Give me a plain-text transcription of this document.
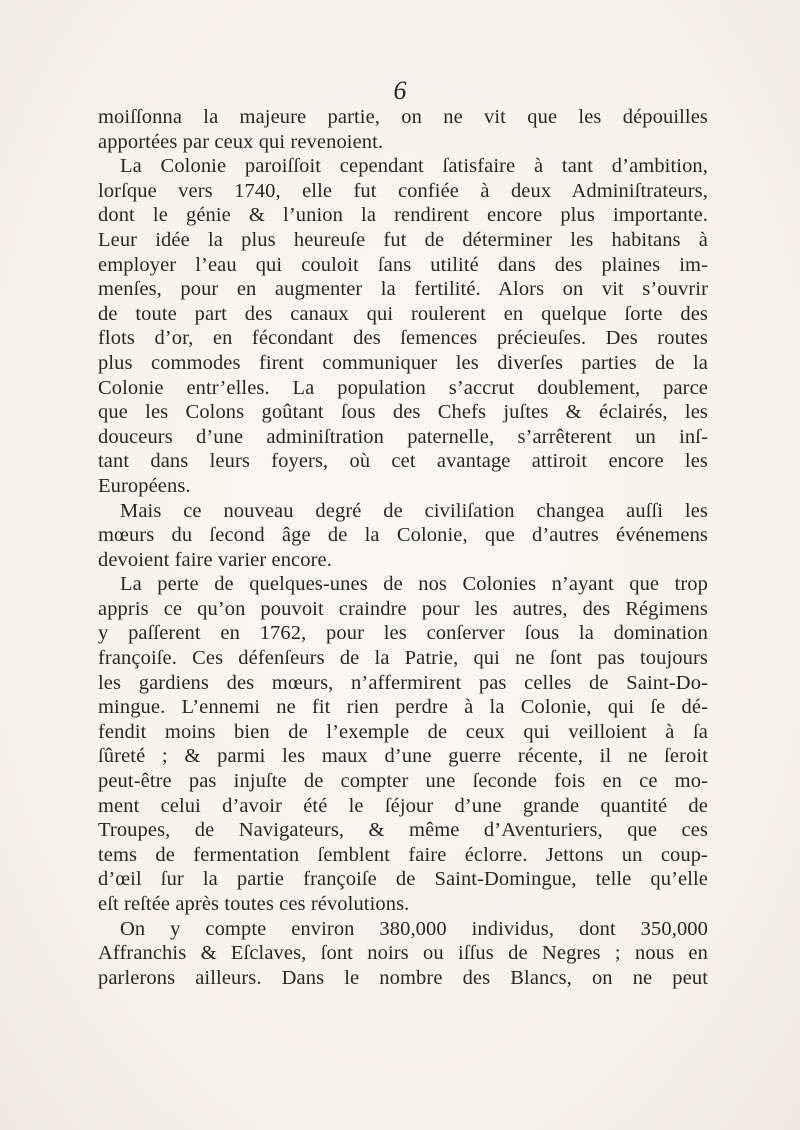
6
moiſſonna la majeure partie, on ne vit que les dépouilles
apportées par ceux qui revenoient.
La Colonie paroiſſoit cependant ſatisfaire à tant d’ambition,
lorſque vers 1740, elle fut confiée à deux Adminiſtrateurs,
dont le génie & l’union la rendirent encore plus importante.
Leur idée la plus heureuſe fut de déterminer les habitans à
employer l’eau qui couloit ſans utilité dans des plaines im-
menſes, pour en augmenter la fertilité. Alors on vit s’ouvrir
de toute part des canaux qui roulerent en quelque ſorte des
flots d’or, en fécondant des ſemences précieuſes. Des routes
plus commodes firent communiquer les diverſes parties de la
Colonie entr’elles. La population s’accrut doublement, parce
que les Colons goûtant ſous des Chefs juſtes & éclairés, les
douceurs d’une adminiſtration paternelle, s’arrêterent un inſ-
tant dans leurs foyers, où cet avantage attiroit encore les
Européens.
Mais ce nouveau degré de civiliſation changea auſſi les
mœurs du ſecond âge de la Colonie, que d’autres événemens
devoient faire varier encore.
La perte de quelques-unes de nos Colonies n’ayant que trop
appris ce qu’on pouvoit craindre pour les autres, des Régimens
y paſſerent en 1762, pour les conſerver ſous la domination
françoiſe. Ces défenſeurs de la Patrie, qui ne ſont pas toujours
les gardiens des mœurs, n’affermirent pas celles de Saint-Do-
mingue. L’ennemi ne fit rien perdre à la Colonie, qui ſe dé-
fendit moins bien de l’exemple de ceux qui veilloient à ſa
ſûreté ; & parmi les maux d’une guerre récente, il ne ſeroit
peut-être pas injuſte de compter une ſeconde fois en ce mo-
ment celui d’avoir été le ſéjour d’une grande quantité de
Troupes, de Navigateurs, & même d’Aventuriers, que ces
tems de fermentation ſemblent faire éclorre. Jettons un coup-
d’œil ſur la partie françoiſe de Saint-Domingue, telle qu’elle
eſt reſtée après toutes ces révolutions.
On y compte environ 380,000 individus, dont 350,000
Affranchis & Eſclaves, ſont noirs ou iſſus de Negres ; nous en
parlerons ailleurs. Dans le nombre des Blancs, on ne peut
